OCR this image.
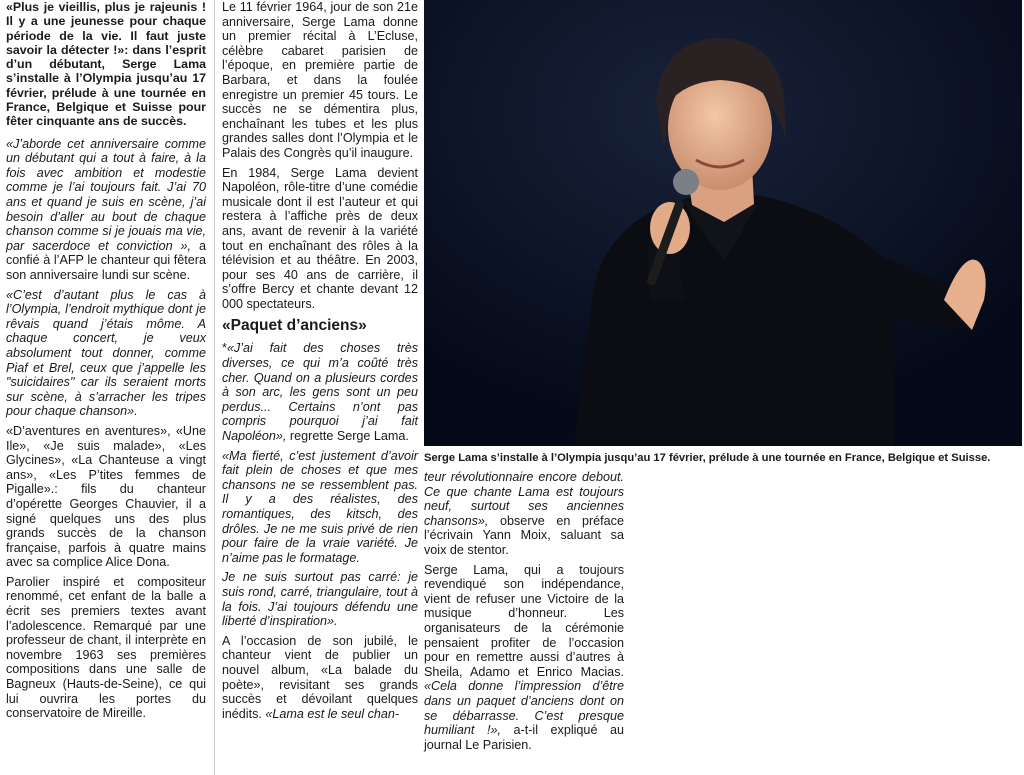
«Plus je vieillis, plus je rajeunis ! Il y a une jeunesse pour chaque période de la vie. Il faut juste savoir la détecter !»: dans l’esprit d’un débutant, Serge Lama s’installe à l’Olympia jusqu’au 17 février, prélude à une tournée en France, Belgique et Suisse pour fêter cinquante ans de succès.

«J’aborde cet anniversaire comme un débutant qui a tout à faire, à la fois avec ambition et modestie comme je l’ai toujours fait. J’ai 70 ans et quand je suis en scène, j’ai besoin d’aller au bout de chaque chanson comme si je jouais ma vie, par sacerdoce et conviction », a confié à l’AFP le chanteur qui fêtera son anniversaire lundi sur scène.

«C’est d’autant plus le cas à l’Olympia, l’endroit mythique dont je rêvais quand j’étais môme. A chaque concert, je veux absolument tout donner, comme Piaf et Brel, ceux que j’appelle les "suicidaires" car ils seraient morts sur scène, à s’arracher les tripes pour chaque chanson».

«D’aventures en aventures», «Une Ile», «Je suis malade», «Les Glycines», «La Chanteuse a vingt ans», «Les P’tites femmes de Pigalle».: fils du chanteur d’opérette Georges Chauvier, il a signé quelques uns des plus grands succès de la chanson française, parfois à quatre mains avec sa complice Alice Dona.

Parolier inspiré et compositeur renommé, cet enfant de la balle a écrit ses premiers textes avant l’adolescence. Remarqué par une professeur de chant, il interprète en novembre 1963 ses premières compositions dans une salle de Bagneux (Hauts-de-Seine), ce qui lui ouvrira les portes du conservatoire de Mireille.

Le 11 février 1964, jour de son 21e anniversaire, Serge Lama donne un premier récital à L’Ecluse, célèbre cabaret parisien de l’époque, en première partie de Barbara, et dans la foulée enregistre un premier 45 tours. Le succès ne se démentira plus, enchaînant les tubes et les plus grandes salles dont l’Olympia et le Palais des Congrès qu’il inaugure.

En 1984, Serge Lama devient Napoléon, rôle-titre d’une comédie musicale dont il est l’auteur et qui restera à l’affiche près de deux ans, avant de revenir à la variété tout en enchaînant des rôles à la télévision et au théâtre. En 2003, pour ses 40 ans de carrière, il s’offre Bercy et chante devant 12 000 spectateurs.

«Paquet d’anciens»

*«J’ai fait des choses très diverses, ce qui m’a coûté très cher. Quand on a plusieurs cordes à son arc, les gens sont un peu perdus... Certains n’ont pas compris pourquoi j’ai fait Napoléon», regrette Serge Lama.

«Ma fierté, c’est justement d’avoir fait plein de choses et que mes chansons ne se ressemblent pas. Il y a des réalistes, des romantiques, des kitsch, des drôles. Je ne me suis privé de rien pour faire de la vraie variété. Je n’aime pas le formatage.

Je ne suis surtout pas carré: je suis rond, carré, triangulaire, tout à la fois. J’ai toujours défendu une liberté d’inspiration».

A l’occasion de son jubilé, le chanteur vient de publier un nouvel album, «La balade du poète», revisitant ses grands succès et dévoilant quelques inédits. «Lama est le seul chan-

Serge Lama s’installe à l’Olympia jusqu’au 17 février, prélude à une tournée en France, Belgique et Suisse.

teur révolutionnaire encore debout. Ce que chante Lama est toujours neuf, surtout ses anciennes chansons», observe en préface l’écrivain Yann Moix, saluant sa voix de stentor.

Serge Lama, qui a toujours revendiqué son indépendance, vient de refuser une Victoire de la musique d’honneur. Les organisateurs de la cérémonie pensaient profiter de l’occasion pour en remettre aussi d’autres à Sheila, Adamo et Enrico Macias. «Cela donne l’impression d’être dans un paquet d’anciens dont on se débarrasse. C’est presque humiliant !», a-t-il expliqué au journal Le Parisien.
